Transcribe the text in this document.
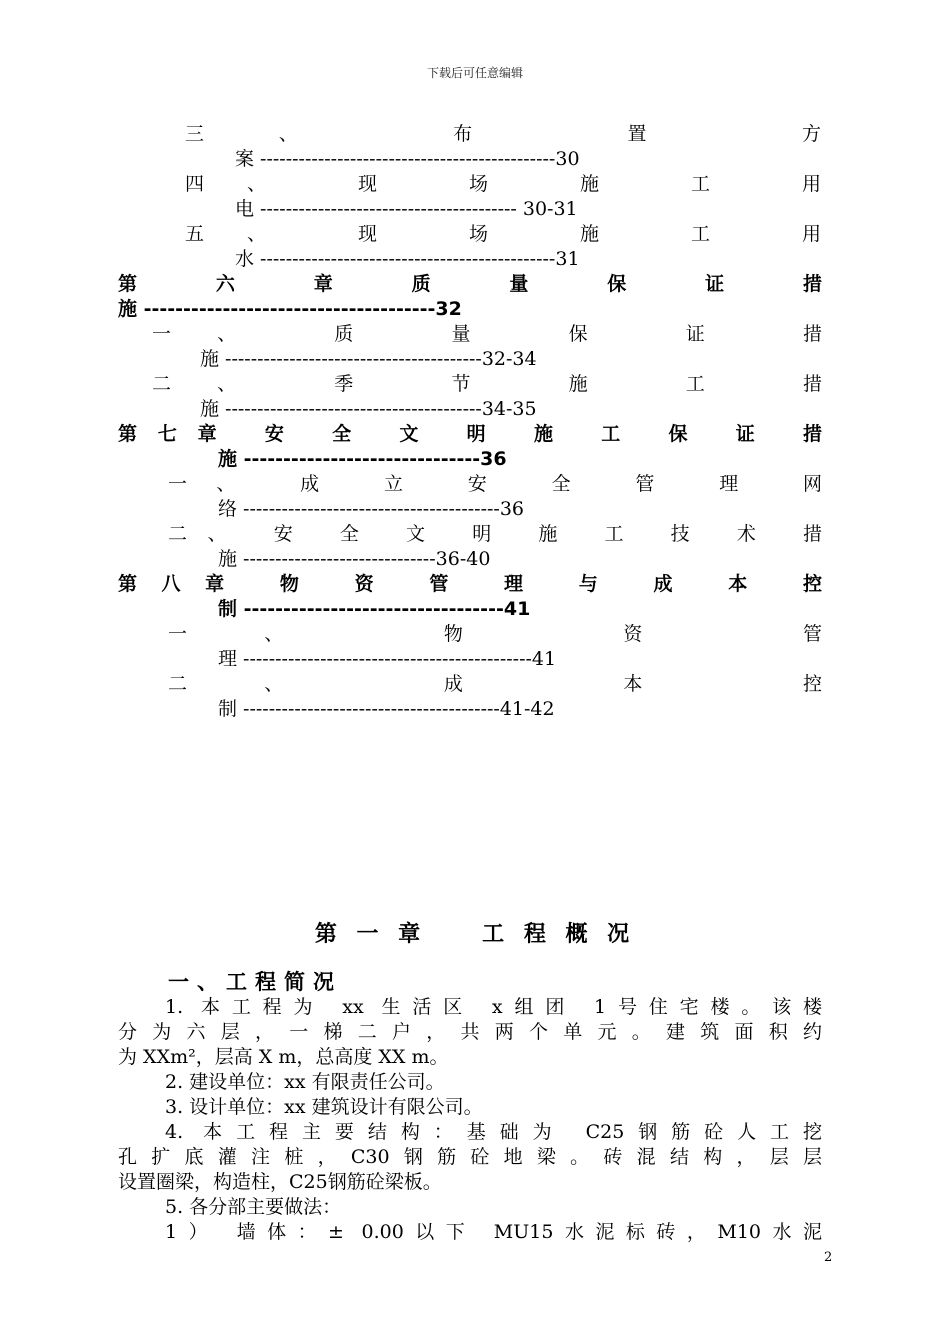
下载后可任意编辑
三、 布 置 方
案 ----------------------------------------------30
四、 现 场 施 工 用
电 ---------------------------------------- 30-31
五、 现 场 施 工 用
水 ----------------------------------------------31
第 六 章 质 量 保 证 措
施 -------------------------------------32
一、 质 量 保 证 措
施 ----------------------------------------32-34
二、 季 节 施 工 措
施 ----------------------------------------34-35
第七章 安 全 文 明 施 工 保 证 措
施 ------------------------------36
一、 成 立 安 全 管 理 网
络 ----------------------------------------36
二、 安 全 文 明 施 工 技 术 措
施 ------------------------------36-40
第八章 物 资 管 理 与 成 本 控
制 ---------------------------------41
一、 物 资 管
理 ---------------------------------------------41
二、 成 本 控
制 ----------------------------------------41-42
第 一 章　　工 程 概 况
一、工程简况
1. 本工程为 xx 生活区 x组团 1号住宅楼。该楼
分为六层，一梯二户，共两个单元。建筑面积约
为 XXm²，层高 X m，总高度 XX m。
2. 建设单位：xx 有限责任公司。
3. 设计单位：xx 建筑设计有限公司。
4. 本工程主要结构：基础为 C25钢筋砼人工挖
孔扩底灌注桩，C30钢筋砼地梁。砖混结构，层层
设置圈梁，构造柱，C25钢筋砼梁板。
5. 各分部主要做法：
1） 墙体：± 0.00以下 MU15水泥标砖，M10水泥
2
